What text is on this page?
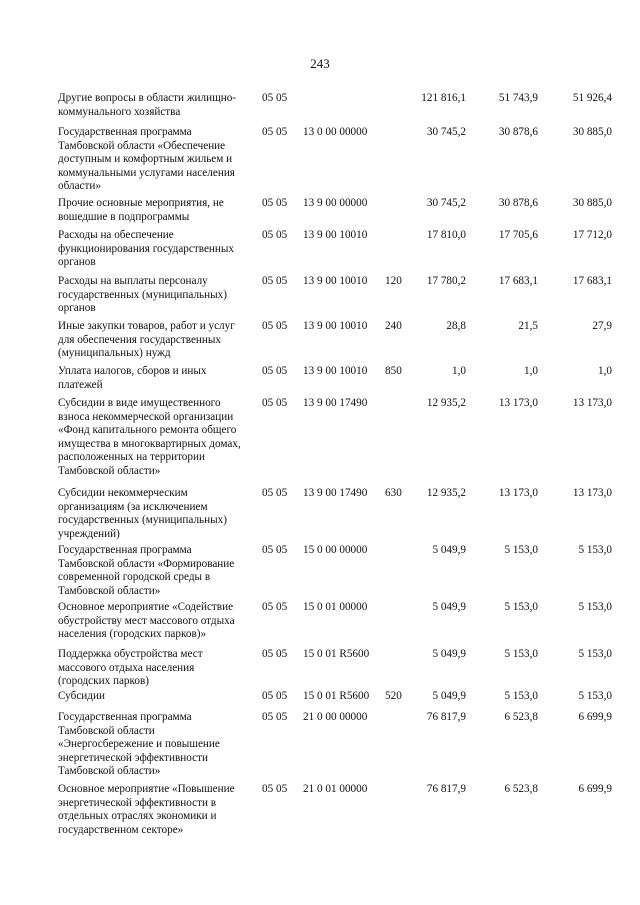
243
Другие вопросы в области жилищно-
коммунального хозяйства
05 05	121 816,1	51 743,9	51 926,4
Государственная программа
Тамбовской области «Обеспечение
доступным и комфортным жильем и
коммунальными услугами населения
области»
05 05	13 0 00 00000	30 745,2	30 878,6	30 885,0
Прочие основные мероприятия, не
вошедшие в подпрограммы
05 05	13 9 00 00000	30 745,2	30 878,6	30 885,0
Расходы на обеспечение
функционирования государственных
органов
05 05	13 9 00 10010	17 810,0	17 705,6	17 712,0
Расходы на выплаты персоналу
государственных (муниципальных)
органов
05 05	13 9 00 10010	120	17 780,2	17 683,1	17 683,1
Иные закупки товаров, работ и услуг
для обеспечения государственных
(муниципальных) нужд
05 05	13 9 00 10010	240	28,8	21,5	27,9
Уплата налогов, сборов и иных
платежей
05 05	13 9 00 10010	850	1,0	1,0	1,0
Субсидии в виде имущественного
взноса некоммерческой организации
«Фонд капитального ремонта общего
имущества в многоквартирных домах,
расположенных на территории
Тамбовской области»
05 05	13 9 00 17490	12 935,2	13 173,0	13 173,0
Субсидии некоммерческим
организациям (за исключением
государственных (муниципальных)
учреждений)
05 05	13 9 00 17490	630	12 935,2	13 173,0	13 173,0
Государственная программа
Тамбовской области «Формирование
современной городской среды в
Тамбовской области»
05 05	15 0 00 00000	5 049,9	5 153,0	5 153,0
Основное мероприятие «Содействие
обустройству мест массового отдыха
населения (городских парков)»
05 05	15 0 01 00000	5 049,9	5 153,0	5 153,0
Поддержка обустройства мест
массового отдыха населения
(городских парков)
05 05	15 0 01 R5600	5 049,9	5 153,0	5 153,0
Субсидии	05 05	15 0 01 R5600	520	5 049,9	5 153,0	5 153,0
Государственная программа
Тамбовской области
«Энергосбережение и повышение
энергетической эффективности
Тамбовской области»
05 05	21 0 00 00000	76 817,9	6 523,8	6 699,9
Основное мероприятие «Повышение
энергетической эффективности в
отдельных отраслях экономики и
государственном секторе»
05 05	21 0 01 00000	76 817,9	6 523,8	6 699,9
